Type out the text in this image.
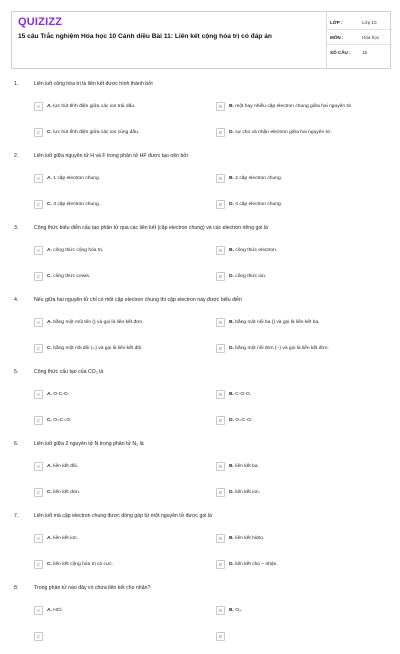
QUIZIZZ
15 câu Trắc nghiệm Hóa học 10 Cánh diều Bài 11: Liên kết cộng hóa trị có đáp án
LỚP :	Lớp 10
MÔN :	Hóa học
SỐ CÂU :	15
1.	Liên kết cộng hóa trị là liên kết được hình thành bởi
A A. lực hút tĩnh điện giữa các ion trái dấu.	B B. một hay nhiều cặp electron chung giữa hai nguyên tử.
C C. lực hút tĩnh điện giữa các ion cùng dấu.	D D. sự cho và nhận electron giữa hai nguyên tử.
2.	Liên kết giữa nguyên tử H và F trong phân tử HF được tạo nên bởi
A A. 1 cặp electron chung.	B B. 2 cặp electron chung.
C C. 3 cặp electron chung.	D D. 4 cặp electron chung.
3.	Công thức biểu diễn cấu tạo phân tử qua các liên kết (cặp electron chung) và các electron riêng gọi là
A A. công thức cộng hóa trị.	B B. công thức electron.
C C. công thức Lewis.	D D. công thức ion.
4.	Nếu giữa hai nguyên tử chỉ có một cặp electron chung thì cặp electron này được biểu diễn
A A. bằng một mũi tên () và gọi là liên kết đơn.	B B. bằng một nối ba () và gọi là liên kết ba.
C C. bằng một nối đôi (=) và gọi là liên kết đôi.	D D. bằng một nối đơn (−) và gọi là liên kết đơn.
5.	Công thức cấu tạo của CO₂ là
A A. O-C-O.	B B. C-O-O.
C C. O=C=O.	D D. O=C-O.
6.	Liên kết giữa 2 nguyên tử N trong phân tử N₂ là
A A. liên kết đôi.	B B. liên kết ba.
C C. liên kết đơn.	D D. liên kết ion.
7.	Liên kết mà cặp electron chung được đóng góp từ một nguyên tử được gọi là
A A. liên kết ion.	B B. liên kết hidro.
C C. liên kết cộng hóa trị có cực.	D D. liên kết cho – nhận.
8.	Trong phân tử nào đây có chứa liên kết cho nhận?
A A. HCl.	B B. O₂.
C	D
